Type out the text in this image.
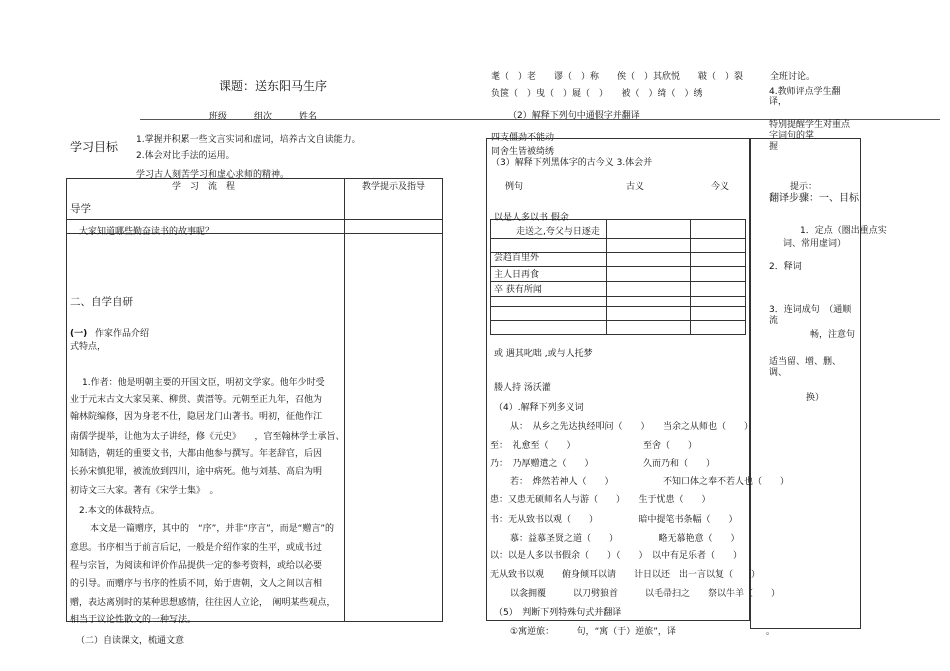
课题：送东阳马生序
班级　　　组次　　　姓名
学习目标 1.掌握并积累一些文言实词和虚词，培养古文自读能力。
2.体会对比手法的运用。
学习古人刻苦学习和虚心求师的精神。
学　习　流　程	教学提示及指导
导学
大家知道哪些勤奋读书的故事呢？
二、自学自研
(一) 作家作品介绍
式特点，
1.作者：他是明朝主要的开国文臣，明初文学家。他年少时受
业于元末古文大家吴莱、柳贯、黄溍等。元朝至正九年，召他为
翰林院编修，因为身老不仕，隐居龙门山著书。明初，征他作江
南儒学提举，让他为太子讲经，修《元史》　　，官至翰林学士承旨、
知制诰，朝廷的重要文书，大都由他参与撰写。年老辞官，后因
长孙宋慎犯罪，被流放到四川，途中病死。他与刘基、高启为明
初诗文三大家。著有《宋学士集》　。
2.本文的体裁特点。
本文是一篇赠序，其中的　“序”，并非“序言”，而是“赠言”的
意思。书序相当于前言后记，一般是介绍作家的生平，或成书过
程与宗旨，为阅读和评价作品提供一定的参考资料，或给以必要
的引导。而赠序与书序的性质不同，始于唐朝，文人之间以言相
赠，表达离别时的某种思想感情，往往因人立论，　阐明某些观点，
相当于议论性散文的一种写法。
（二）自读课文，梳通文意
耄（　）老　　谬（　）称　　俟（　）其欣悦　　皲（　）裂
负箧（　）曳（　）屣（　）　　被（　）绮（　）绣
（2）解释下列句中通假字并翻译
四支僵劲不能动
同舍生皆被绮绣
（3）解释下列黑体字的古今义 3.体会并
例句	古义	今义
以是人多以书 假余
走送之,夸父与日逐走
尝趋百里外
主人日再食
卒 获有所闻
或 遇其叱咄 ,或与人托梦
媵人持 汤沃灌
（4）.解释下列多义词
从：　从乡之先达执经叩问（　　）　　当余之从师也（　　）
至：　礼愈至（　　）　　　　　　　　至舍（　　）
乃：　乃厚赠遣之（　　）　　　　　　久而乃和（　　）
若：　烨然若神人（　　）　　　　　　不知口体之奉不若人也（　　）
患：又患无硕师名人与游（　　）　　生于忧患（　　）
书：无从致书以观（　　）　　　　　暗中提笔书条幅（　　）
慕：益慕圣贤之道（　　）　　　　　略无慕艳意（　　）
以：以是人多以书假余（　　）（　　）　以中有足乐者（　　）
无从致书以观　　俯身倾耳以请　　计日以还　出一言以复（　　）
以衾拥覆　　　以刀劈狼首　　　以毛帚扫之　　祭以牛羊（　　）
（5）　判断下列特殊句式并翻译
①寓逆旅：　　　句，“寓（于）逆旅”，译　　　　　　　　　　。
全班讨论。
4.教师评点学生翻
译，
特别提醒学生对重点
字词句的掌
握
提示：
翻译步骤：一、目标
1．定点（圈出重点实
词、常用虚词）
2．释词
3．连词成句　（通顺
流
畅，注意句
适当留、增、删、
调、
换）
